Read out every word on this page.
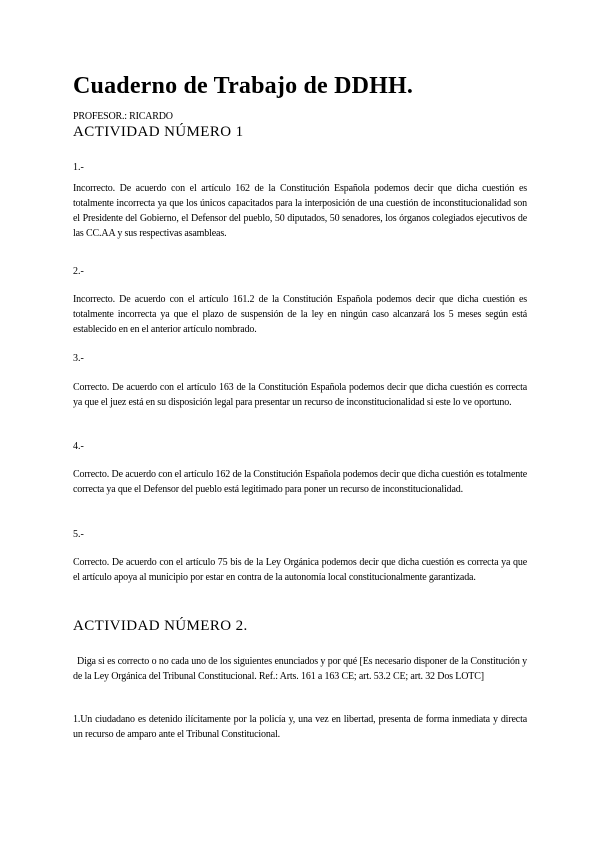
Cuaderno de Trabajo de DDHH.
PROFESOR.: RICARDO
ACTIVIDAD NÚMERO 1
1.-

Incorrecto. De acuerdo con el artículo 162 de la Constitución Española podemos decir que dicha cuestión es totalmente incorrecta ya que los únicos capacitados para la interposición de una cuestión de inconstitucionalidad son el Presidente del Gobierno, el Defensor del pueblo, 50 diputados, 50 senadores, los órganos colegiados ejecutivos de las CC.AA y sus respectivas asambleas.

2.-

Incorrecto. De acuerdo con el artículo 161.2 de la Constitución Española podemos decir que dicha cuestión es totalmente incorrecta ya que el plazo de suspensión de la ley en ningún caso alcanzará los 5 meses según está establecido en en el anterior artículo nombrado.

3.-

Correcto. De acuerdo con el artículo 163 de la Constitución Española podemos decir que dicha cuestión es correcta ya que el juez está en su disposición legal para presentar un recurso de inconstitucionalidad si este lo ve oportuno.

4.-

Correcto. De acuerdo con el artículo 162 de la Constitución Española podemos decir que dicha cuestión es totalmente correcta ya que el Defensor del pueblo está legitimado para poner un recurso de inconstitucionalidad.

5.-

Correcto. De acuerdo con el artículo 75 bis de la Ley Orgánica podemos decir que dicha cuestión es correcta ya que el artículo apoya al municipio por estar en contra de la autonomía local constitucionalmente garantizada.

ACTIVIDAD NÚMERO 2.

Diga si es correcto o no cada uno de los siguientes enunciados y por qué [Es necesario disponer de la Constitución y de la Ley Orgánica del Tribunal Constitucional. Ref.: Arts. 161 a 163 CE; art. 53.2 CE; art. 32 Dos LOTC]

1.Un ciudadano es detenido ilícitamente por la policía y, una vez en libertad, presenta de forma inmediata y directa un recurso de amparo ante el Tribunal Constitucional.
